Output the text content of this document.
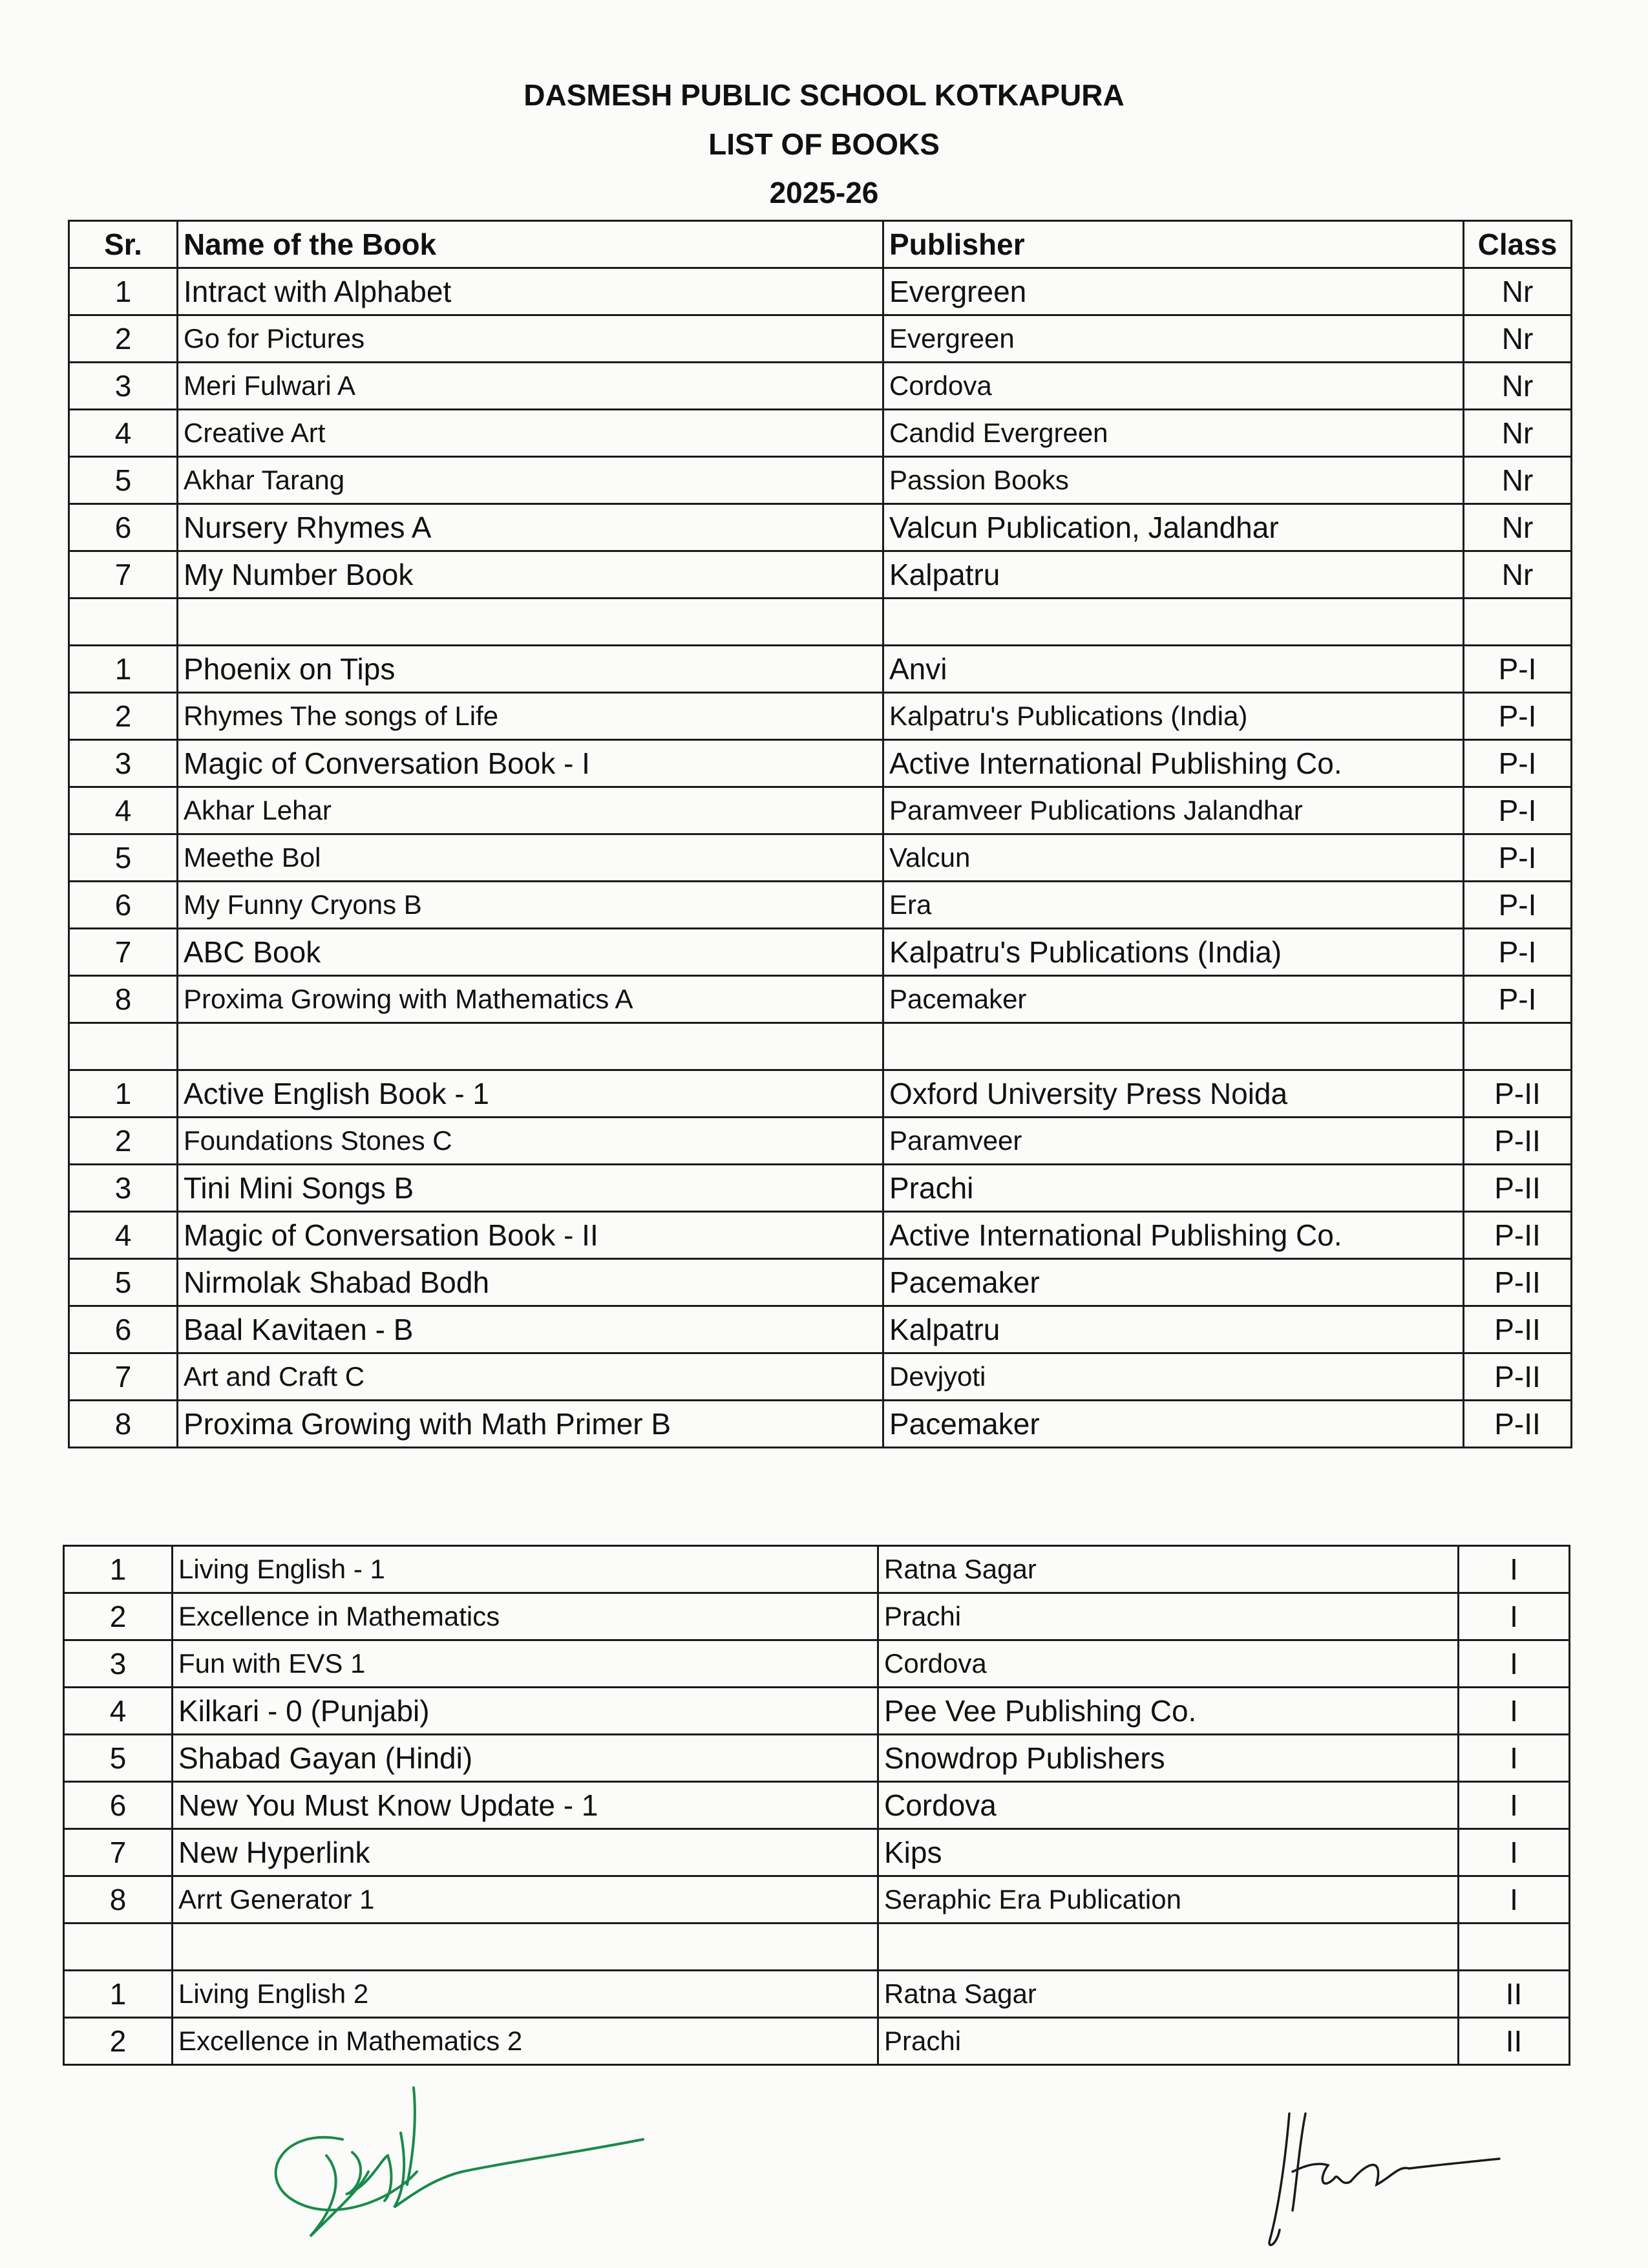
DASMESH PUBLIC SCHOOL KOTKAPURA
LIST OF BOOKS
2025-26
Sr.	Name of the Book	Publisher	Class
1	Intract with Alphabet	Evergreen	Nr
2	Go for Pictures	Evergreen	Nr
3	Meri Fulwari A	Cordova	Nr
4	Creative Art	Candid Evergreen	Nr
5	Akhar Tarang	Passion Books	Nr
6	Nursery Rhymes A	Valcun Publication, Jalandhar	Nr
7	My Number Book	Kalpatru	Nr

1	Phoenix on Tips	Anvi	P-I
2	Rhymes The songs of Life	Kalpatru's Publications (India)	P-I
3	Magic of Conversation Book - I	Active International Publishing Co.	P-I
4	Akhar Lehar	Paramveer Publications Jalandhar	P-I
5	Meethe Bol	Valcun	P-I
6	My Funny Cryons B	Era	P-I
7	ABC Book	Kalpatru's Publications (India)	P-I
8	Proxima Growing with Mathematics A	Pacemaker	P-I

1	Active English Book - 1	Oxford University Press Noida	P-II
2	Foundations Stones C	Paramveer	P-II
3	Tini Mini Songs B	Prachi	P-II
4	Magic of Conversation Book - II	Active International Publishing Co.	P-II
5	Nirmolak Shabad Bodh	Pacemaker	P-II
6	Baal Kavitaen - B	Kalpatru	P-II
7	Art and Craft C	Devjyoti	P-II
8	Proxima Growing with Math Primer B	Pacemaker	P-II
1	Living English - 1	Ratna Sagar	I
2	Excellence in Mathematics	Prachi	I
3	Fun with EVS 1	Cordova	I
4	Kilkari - 0 (Punjabi)	Pee Vee Publishing Co.	I
5	Shabad Gayan (Hindi)	Snowdrop Publishers	I
6	New You Must Know Update - 1	Cordova	I
7	New Hyperlink	Kips	I
8	Arrt Generator 1	Seraphic Era Publication	I

1	Living English 2	Ratna Sagar	II
2	Excellence in Mathematics 2	Prachi	II
